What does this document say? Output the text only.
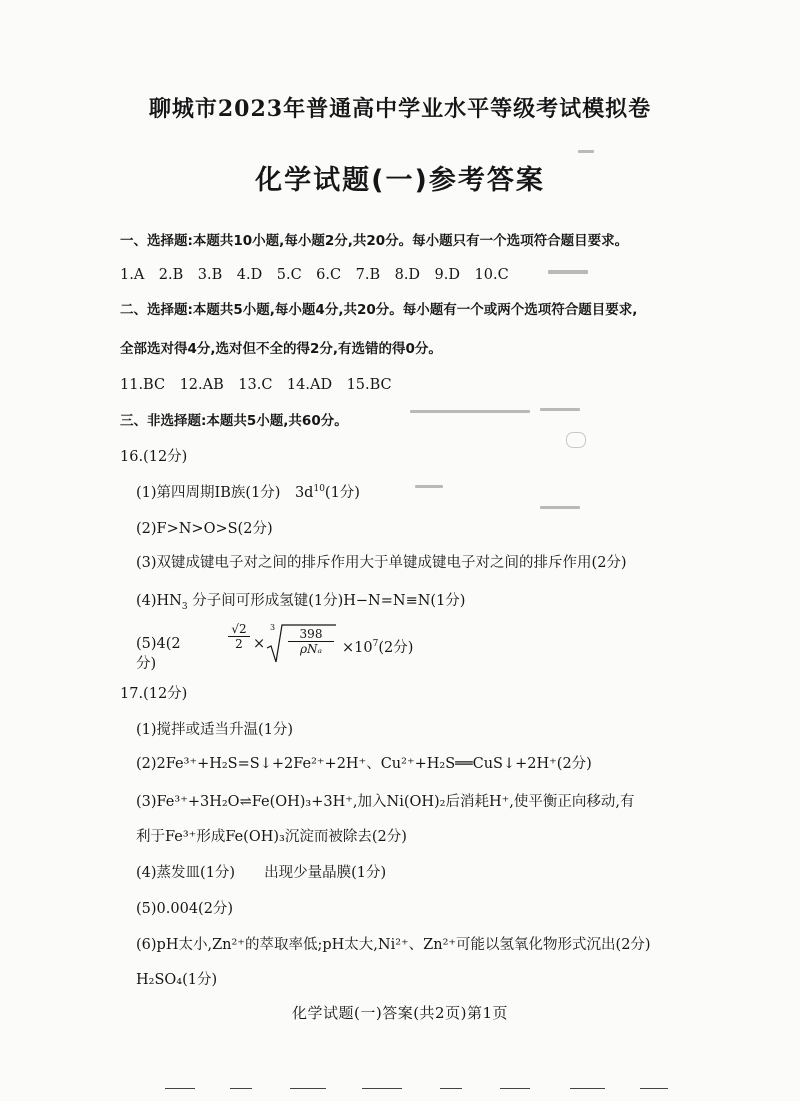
聊城市2023年普通高中学业水平等级考试模拟卷
化学试题(一)参考答案
一、选择题:本题共10小题,每小题2分,共20分。每小题只有一个选项符合题目要求。
1.A　2.B　3.B　4.D　5.C　6.C　7.B　8.D　9.D　10.C
二、选择题:本题共5小题,每小题4分,共20分。每小题有一个或两个选项符合题目要求,
全部选对得4分,选对但不全的得2分,有选错的得0分。
11.BC　12.AB　13.C　14.AD　15.BC
三、非选择题:本题共5小题,共60分。
16.(12分)
(1)第四周期ⅠB族(1分)　$3d^{10}(1$分)
(2)F>N>O>S(2分)
(3)双键成键电子对之间的排斥作用大于单键成键电子对之间的排斥作用(2分)
$(4)HN_3$ 分子间可形成氢键(1分)H−N=N≡N(1分)
(5)4(2分)
$\frac{√2}{2}$ ×
3	398
ρNₐ	$\times 10^7(2$分)
17.(12分)
(1)搅拌或适当升温(1分)
(2)2Fe³⁺+H₂S=S↓+2Fe²⁺+2H⁺、Cu²⁺+H₂S══CuS↓+2H⁺(2分)
(3)Fe³⁺+3H₂O⇌Fe(OH)₃+3H⁺,加入Ni(OH)₂后消耗H⁺,使平衡正向移动,有
利于Fe³⁺形成Fe(OH)₃沉淀而被除去(2分)
(4)蒸发皿(1分)　　出现少量晶膜(1分)
(5)0.004(2分)
(6)pH太小,Zn²⁺的萃取率低;pH太大,Ni²⁺、Zn²⁺可能以氢氧化物形式沉出(2分)
H₂SO₄(1分)
化学试题(一)答案(共2页)第1页
